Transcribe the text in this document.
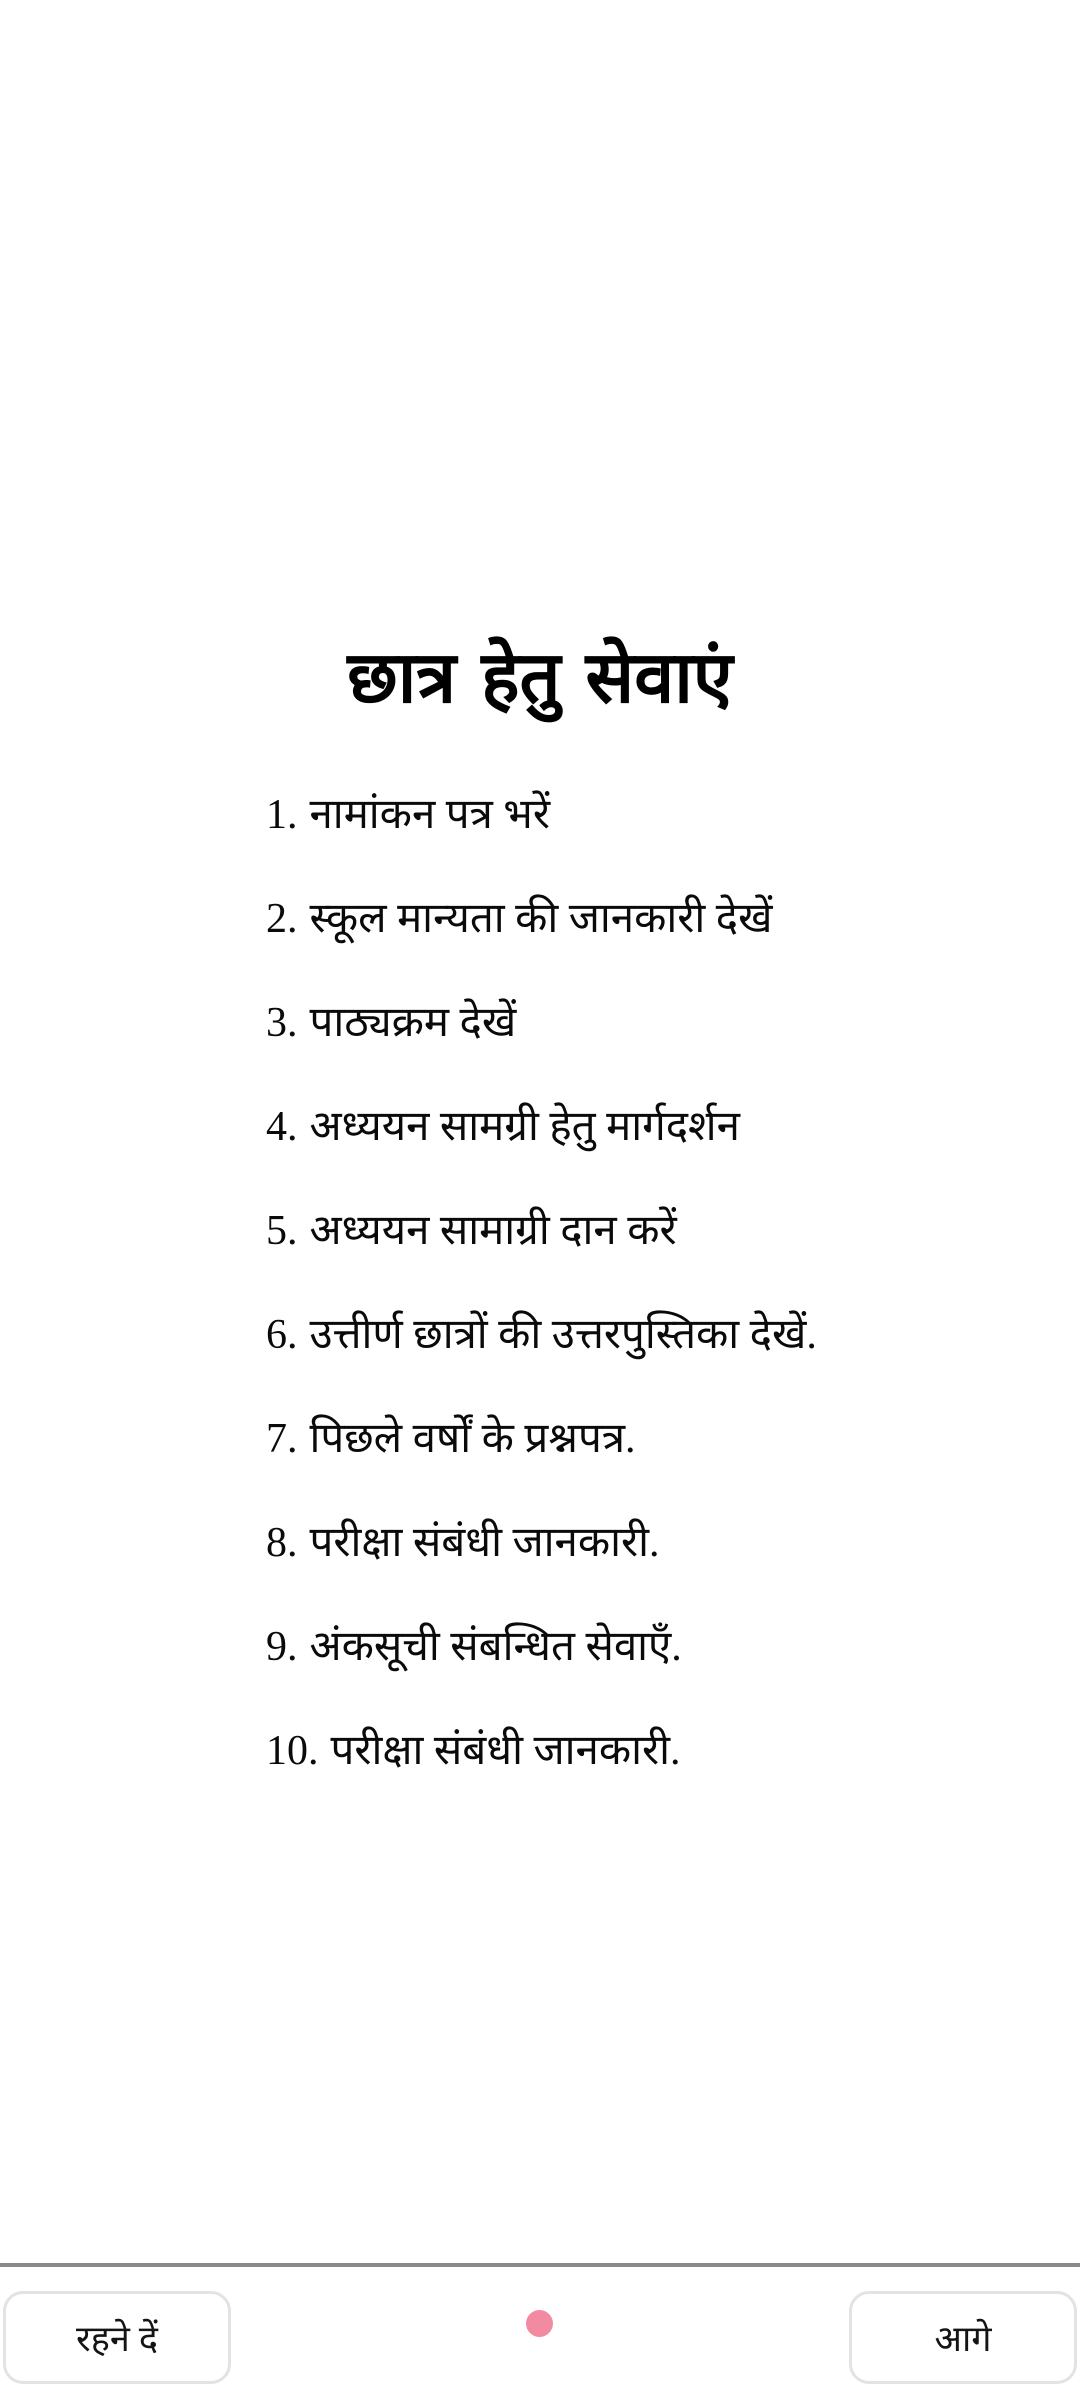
छात्र हेतु सेवाएं
1. नामांकन पत्र भरें
2. स्कूल मान्यता की जानकारी देखें
3. पाठ्यक्रम देखें
4. अध्ययन सामग्री हेतु मार्गदर्शन
5. अध्ययन सामाग्री दान करें
6. उत्तीर्ण छात्रों की उत्तरपुस्तिका देखें.
7. पिछले वर्षों के प्रश्नपत्र.
8. परीक्षा संबंधी जानकारी.
9. अंकसूची संबन्धित सेवाएँ.
10. परीक्षा संबंधी जानकारी.
रहने दें	आगे
